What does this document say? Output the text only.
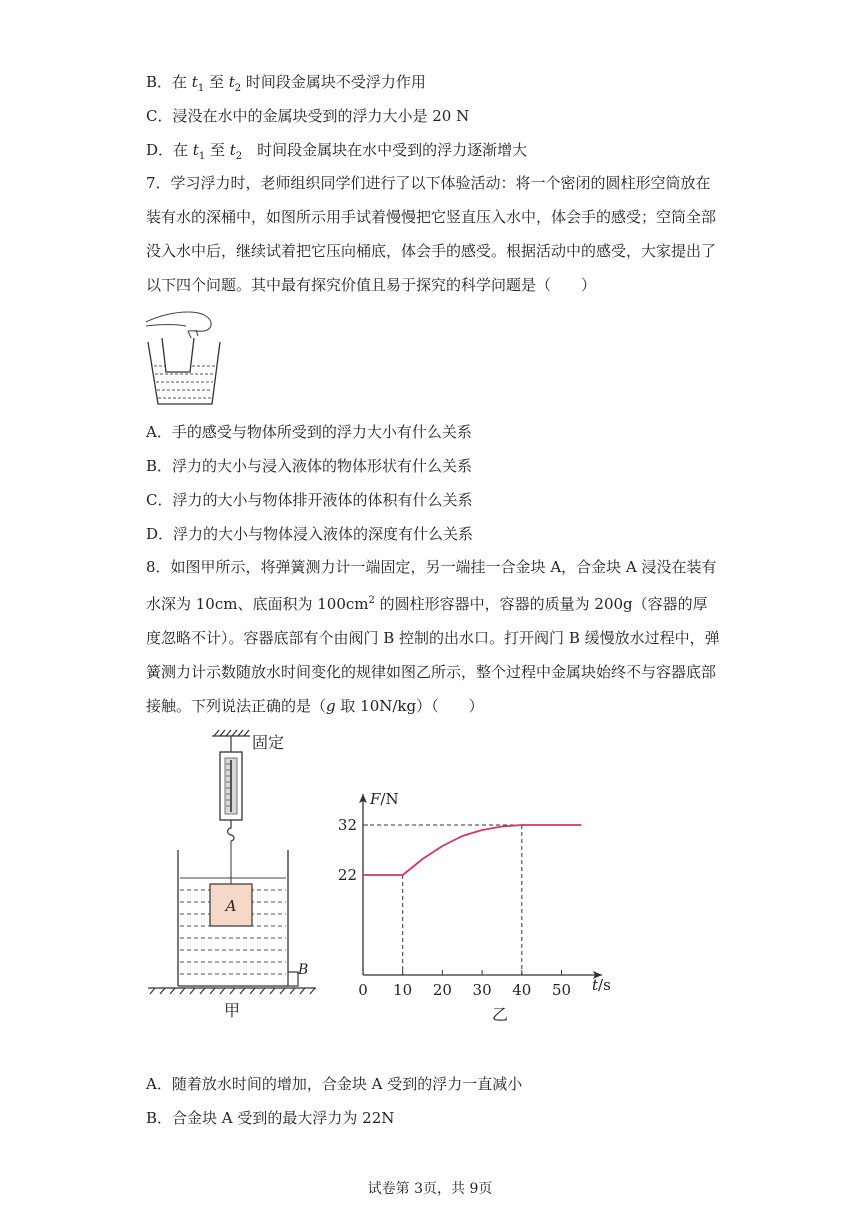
B．在 $t_1$ 至 $t_2$ 时间段金属块不受浮力作用
C．浸没在水中的金属块受到的浮力大小是 20 N
D．在 $t_1$ 至 $t_2$　时间段金属块在水中受到的浮力逐渐增大
7．学习浮力时，老师组织同学们进行了以下体验活动：将一个密闭的圆柱形空筒放在装有水的深桶中，如图所示用手试着慢慢把它竖直压入水中，体会手的感受；空筒全部没入水中后，继续试着把它压向桶底，体会手的感受。根据活动中的感受，大家提出了以下四个问题。其中最有探究价值且易于探究的科学问题是（　　）
A．手的感受与物体所受到的浮力大小有什么关系
B．浮力的大小与浸入液体的物体形状有什么关系
C．浮力的大小与物体排开液体的体积有什么关系
D．浮力的大小与物体浸入液体的深度有什么关系
8．如图甲所示，将弹簧测力计一端固定，另一端挂一合金块 A，合金块 A 浸没在装有水深为 10cm、底面积为 $100cm^2$ 的圆柱形容器中，容器的质量为 200g（容器的厚度忽略不计）。容器底部有个由阀门 B 控制的出水口。打开阀门 B 缓慢放水过程中，弹簧测力计示数随放水时间变化的规律如图乙所示，整个过程中金属块始终不与容器底部接触。下列说法正确的是（g 取 10N/kg）（　　）
固定
A
B
甲
0 10 20 30 40 50
22
32
F/N
t/s
乙
A．随着放水时间的增加，合金块 A 受到的浮力一直减小
B．合金块 A 受到的最大浮力为 22N
试卷第 3页，共 9页
